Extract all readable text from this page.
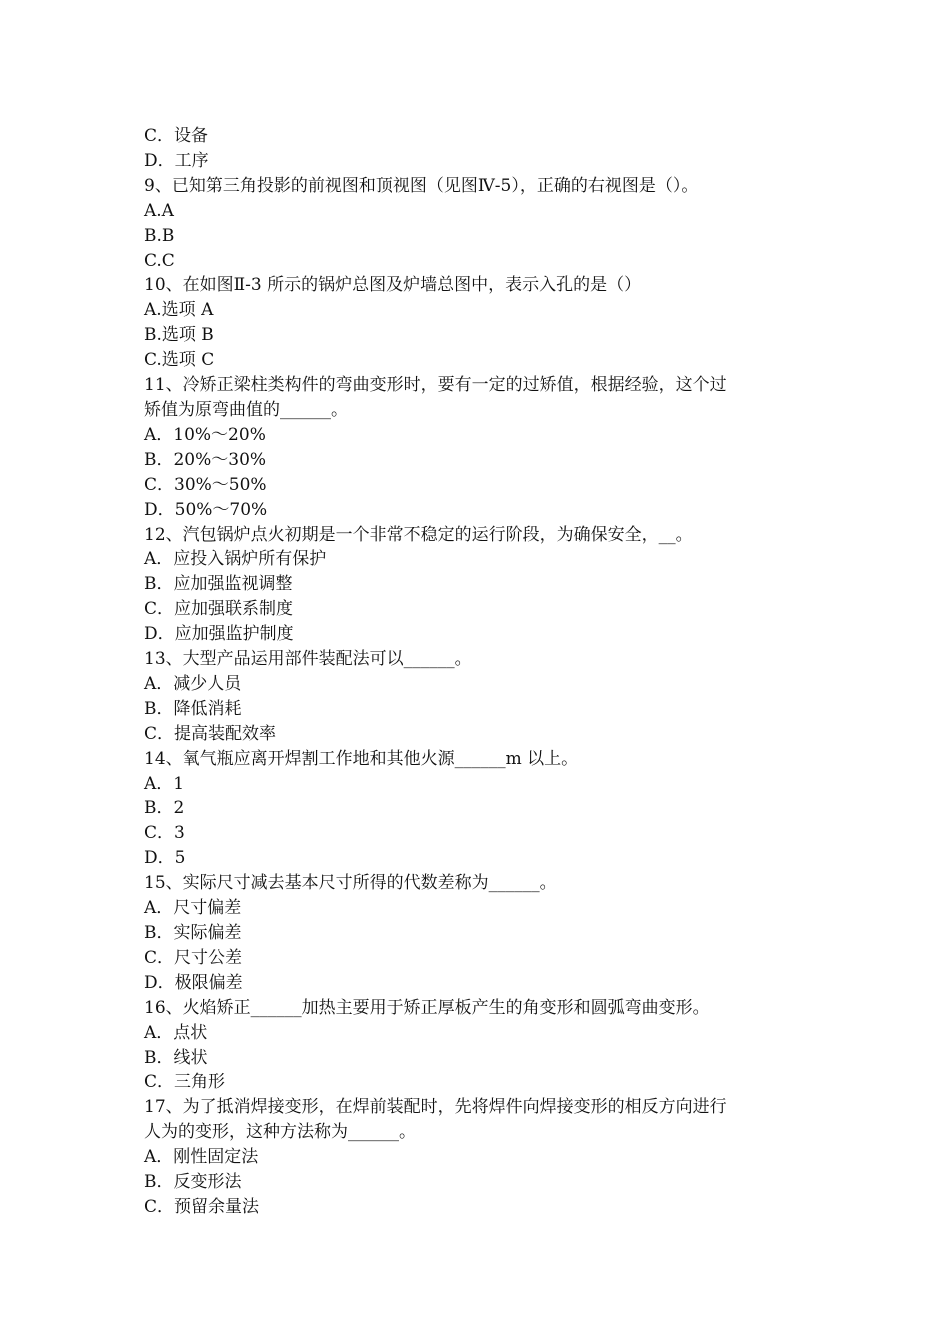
C．设备
D．工序
9、已知第三角投影的前视图和顶视图（见图Ⅳ-5），正确的右视图是（）。
A.A
B.B
C.C
10、在如图Ⅱ-3 所示的锅炉总图及炉墙总图中，表示入孔的是（）
A.选项 A
B.选项 B
C.选项 C
11、冷矫正梁柱类构件的弯曲变形时，要有一定的过矫值，根据经验，这个过
矫值为原弯曲值的______。
A．10%～20%
B．20%～30%
C．30%～50%
D．50%～70%
12、汽包锅炉点火初期是一个非常不稳定的运行阶段，为确保安全，__。
A．应投入锅炉所有保护
B．应加强监视调整
C．应加强联系制度
D．应加强监护制度
13、大型产品运用部件装配法可以______。
A．减少人员
B．降低消耗
C．提高装配效率
14、氧气瓶应离开焊割工作地和其他火源______m 以上。
A．1
B．2
C．3
D．5
15、实际尺寸减去基本尺寸所得的代数差称为______。
A．尺寸偏差
B．实际偏差
C．尺寸公差
D．极限偏差
16、火焰矫正______加热主要用于矫正厚板产生的角变形和圆弧弯曲变形。
A．点状
B．线状
C．三角形
17、为了抵消焊接变形，在焊前装配时，先将焊件向焊接变形的相反方向进行
人为的变形，这种方法称为______。
A．刚性固定法
B．反变形法
C．预留余量法
